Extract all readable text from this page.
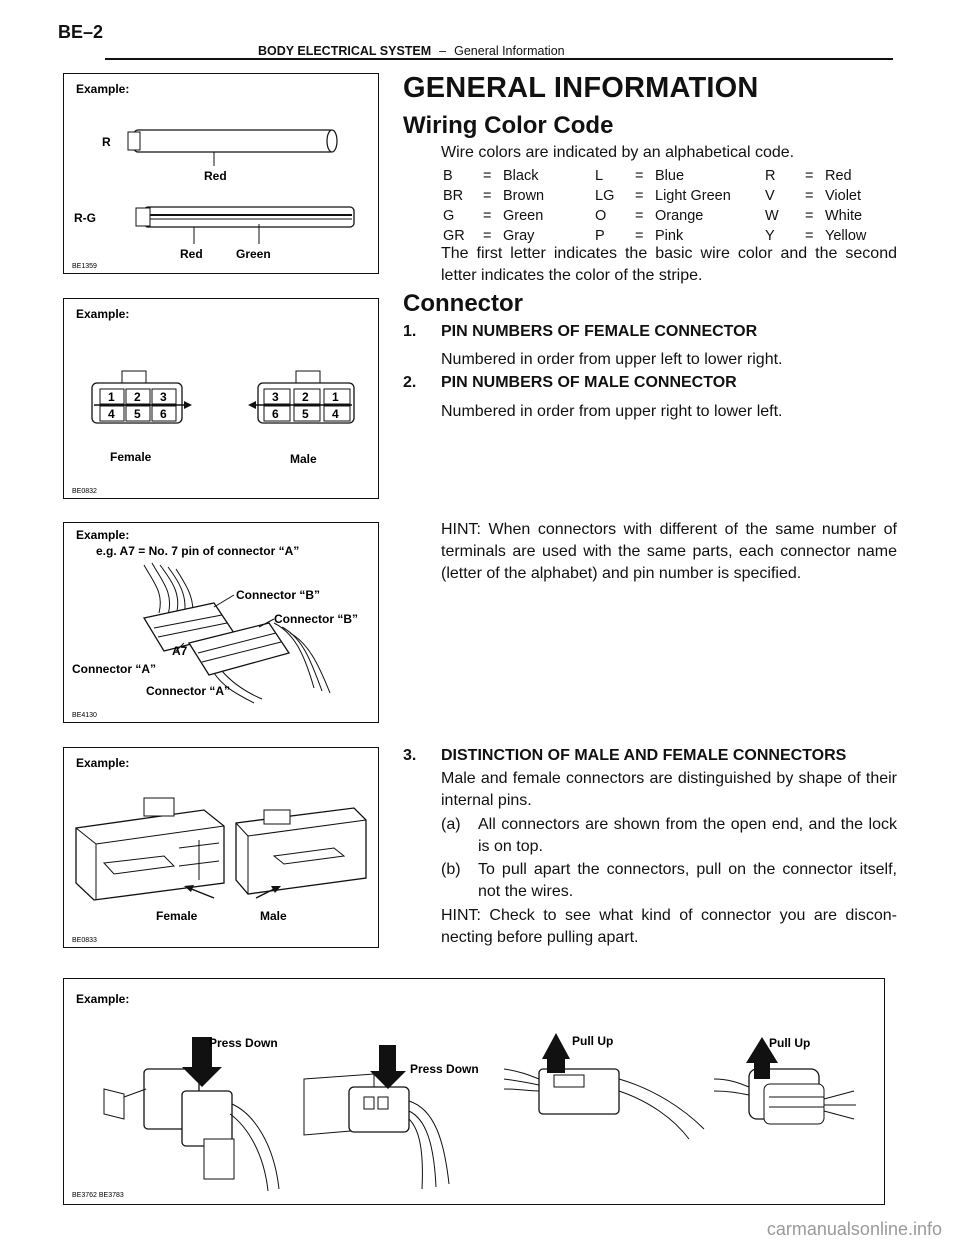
BE–2
BODY ELECTRICAL SYSTEM – General Information
Example:
R
Red
R-G
Red	Green
BE1359
Example:
1 2 3
4 5 6
Female
3 2 1
6 5 4
Male
BE0832
Example:
e.g. A7 = No. 7 pin of connector “A”
Connector “B”
Connector “B”
A7
Connector “A”
Connector “A”
BE4130
Example:
Female	Male
BE0833
Example:
Press Down
Press Down
Pull Up	Pull Up
BE3762 BE3783
GENERAL INFORMATION
Wiring Color Code
Wire colors are indicated by an alphabetical code.
B	=	Black	L	=	Blue	R	=	Red
BR	=	Brown	LG	=	Light Green	V	=	Violet
G	=	Green	O	=	Orange	W	=	White
GR	=	Gray	P	=	Pink	Y	=	Yellow
The first letter indicates the basic wire color and the second letter indicates the color of the stripe.
Connector
1. PIN NUMBERS OF FEMALE CONNECTOR
Numbered in order from upper left to lower right.
2. PIN NUMBERS OF MALE CONNECTOR
Numbered in order from upper right to lower left.
HINT: When connectors with different of the same number of terminals are used with the same parts, each connector name (letter of the alphabet) and pin number is specified.
3. DISTINCTION OF MALE AND FEMALE CONNECTORS
Male and female connectors are distinguished by shape of their internal pins.
(a) All connectors are shown from the open end, and the lock is on top.
(b) To pull apart the connectors, pull on the connector itself, not the wires.
HINT: Check to see what kind of connector you are discon-necting before pulling apart.
carmanualsonline.info
